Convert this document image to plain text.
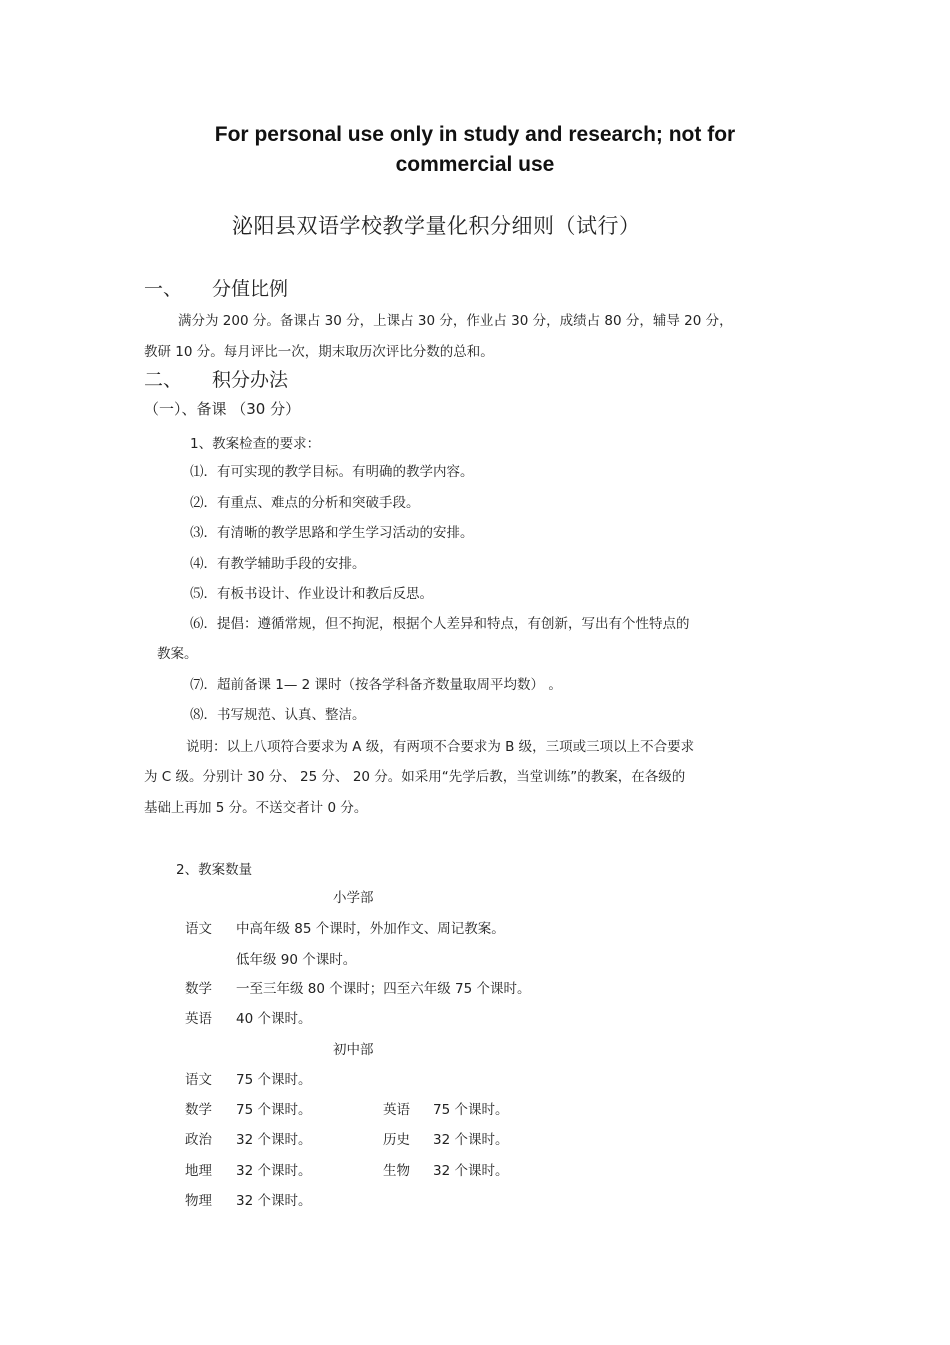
For personal use only in study and research; not for
commercial use
泌阳县双语学校教学量化积分细则（试行）
一、 分值比例
满分为 200 分。备课占 30 分，上课占 30 分，作业占 30 分，成绩占 80 分，辅导 20 分，
教研 10 分。每月评比一次，期末取历次评比分数的总和。
二、 积分办法
（一）、备课 （30 分）
1、教案检查的要求：
⑴．有可实现的教学目标。有明确的教学内容。
⑵．有重点、难点的分析和突破手段。
⑶．有清晰的教学思路和学生学习活动的安排。
⑷．有教学辅助手段的安排。
⑸．有板书设计、作业设计和教后反思。
⑹．提倡：遵循常规，但不拘泥，根据个人差异和特点，有创新，写出有个性特点的
教案。
⑺．超前备课 1— 2 课时（按各学科备齐数量取周平均数） 。
⑻．书写规范、认真、整洁。
说明：以上八项符合要求为 A 级，有两项不合要求为 B 级，三项或三项以上不合要求
为 C 级。分别计 30 分、 25 分、 20 分。如采用“先学后教，当堂训练”的教案，在各级的
基础上再加 5 分。不送交者计 0 分。
2、教案数量
小学部
语文 中高年级 85 个课时，外加作文、周记教案。
低年级 90 个课时。
数学 一至三年级 80 个课时；四至六年级 75 个课时。
英语 40 个课时。
初中部
语文 75 个课时。
数学 75 个课时。	英语 75 个课时。
政治 32 个课时。	历史 32 个课时。
地理 32 个课时。	生物 32 个课时。
物理 32 个课时。
